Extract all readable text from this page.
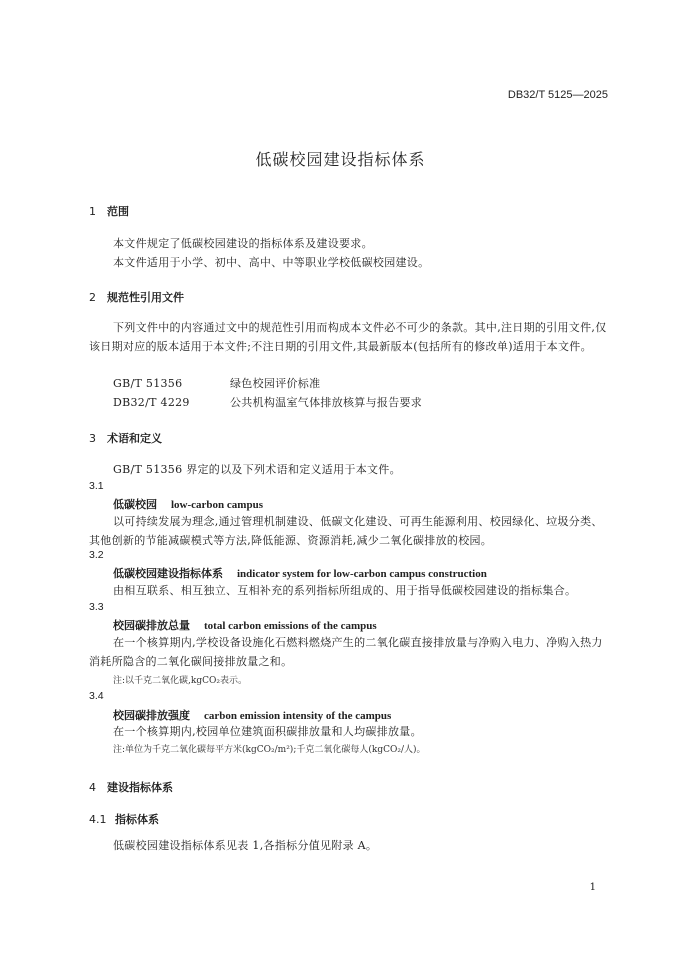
DB32/T 5125—2025
低碳校园建设指标体系
1 范围
本文件规定了低碳校园建设的指标体系及建设要求。
本文件适用于小学、初中、高中、中等职业学校低碳校园建设。
2 规范性引用文件
下列文件中的内容通过文中的规范性引用而构成本文件必不可少的条款。其中,注日期的引用文件,仅该日期对应的版本适用于本文件;不注日期的引用文件,其最新版本(包括所有的修改单)适用于本文件。
GB/T 51356	绿色校园评价标准
DB32/T 4229	公共机构温室气体排放核算与报告要求
3 术语和定义
GB/T 51356 界定的以及下列术语和定义适用于本文件。
3.1
低碳校园 low-carbon campus
以可持续发展为理念,通过管理机制建设、低碳文化建设、可再生能源利用、校园绿化、垃圾分类、其他创新的节能减碳模式等方法,降低能源、资源消耗,减少二氧化碳排放的校园。
3.2
低碳校园建设指标体系 indicator system for low-carbon campus construction
由相互联系、相互独立、互相补充的系列指标所组成的、用于指导低碳校园建设的指标集合。
3.3
校园碳排放总量 total carbon emissions of the campus
在一个核算期内,学校设备设施化石燃料燃烧产生的二氧化碳直接排放量与净购入电力、净购入热力消耗所隐含的二氧化碳间接排放量之和。
注:以千克二氧化碳,kgCO₂表示。
3.4
校园碳排放强度 carbon emission intensity of the campus
在一个核算期内,校园单位建筑面积碳排放量和人均碳排放量。
注:单位为千克二氧化碳每平方米(kgCO₂/m²);千克二氧化碳每人(kgCO₂/人)。
4 建设指标体系
4.1 指标体系
低碳校园建设指标体系见表 1,各指标分值见附录 A。
1
